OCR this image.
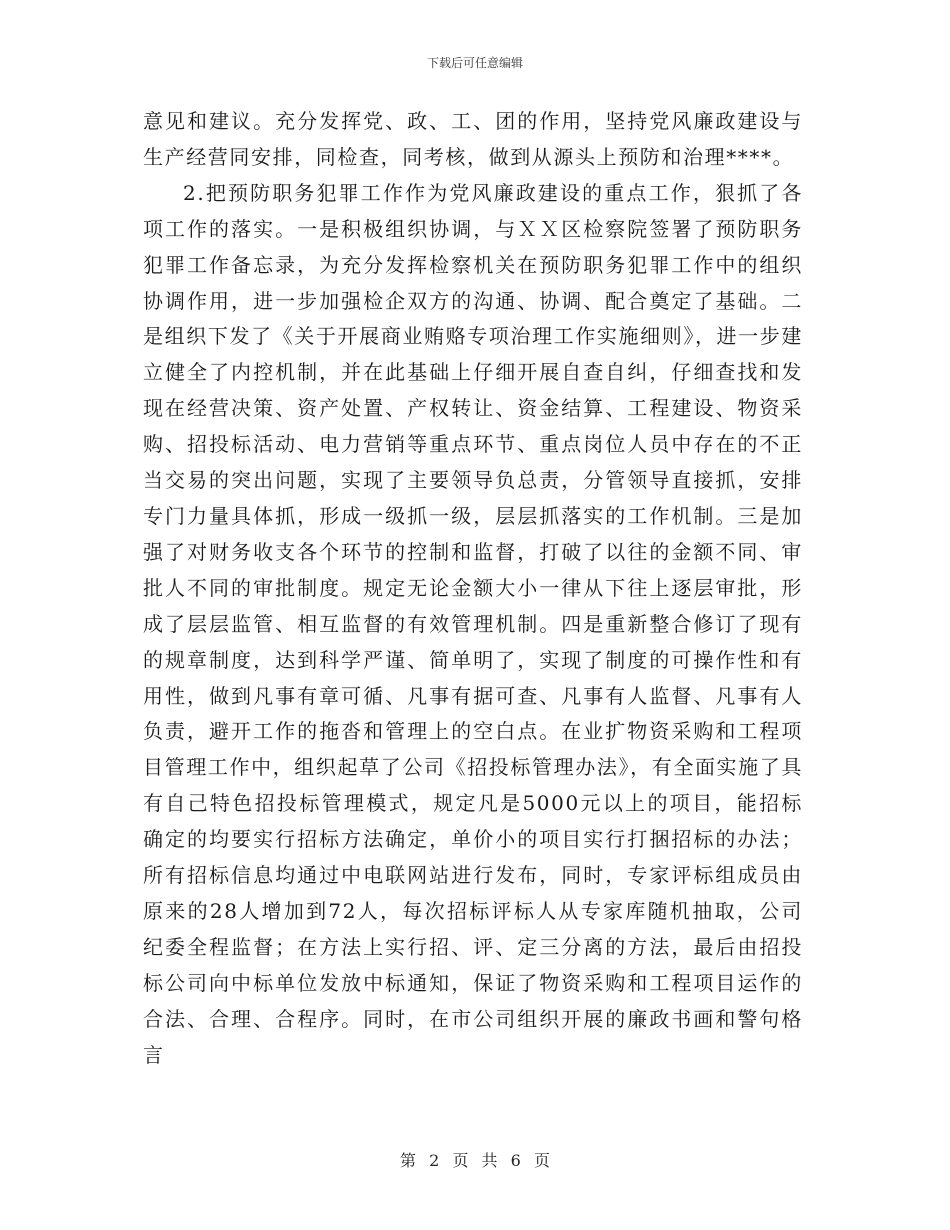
下载后可任意编辑

意见和建议。充分发挥党、政、工、团的作用，坚持党风廉政建设与生产经营同安排，同检查，同考核，做到从源头上预防和治理****。

2.把预防职务犯罪工作作为党风廉政建设的重点工作，狠抓了各项工作的落实。一是积极组织协调，与ＸＸ区检察院签署了预防职务犯罪工作备忘录，为充分发挥检察机关在预防职务犯罪工作中的组织协调作用，进一步加强检企双方的沟通、协调、配合奠定了基础。二是组织下发了《关于开展商业贿赂专项治理工作实施细则》，进一步建立健全了内控机制，并在此基础上仔细开展自查自纠，仔细查找和发现在经营决策、资产处置、产权转让、资金结算、工程建设、物资采购、招投标活动、电力营销等重点环节、重点岗位人员中存在的不正当交易的突出问题，实现了主要领导负总责，分管领导直接抓，安排专门力量具体抓，形成一级抓一级，层层抓落实的工作机制。三是加强了对财务收支各个环节的控制和监督，打破了以往的金额不同、审批人不同的审批制度。规定无论金额大小一律从下往上逐层审批，形成了层层监管、相互监督的有效管理机制。四是重新整合修订了现有的规章制度，达到科学严谨、简单明了，实现了制度的可操作性和有用性，做到凡事有章可循、凡事有据可查、凡事有人监督、凡事有人负责，避开工作的拖沓和管理上的空白点。在业扩物资采购和工程项目管理工作中，组织起草了公司《招投标管理办法》，有全面实施了具有自己特色招投标管理模式，规定凡是5000元以上的项目，能招标确定的均要实行招标方法确定，单价小的项目实行打捆招标的办法；所有招标信息均通过中电联网站进行发布，同时，专家评标组成员由原来的28人增加到72人，每次招标评标人从专家库随机抽取，公司纪委全程监督；在方法上实行招、评、定三分离的方法，最后由招投标公司向中标单位发放中标通知，保证了物资采购和工程项目运作的合法、合理、合程序。同时，在市公司组织开展的廉政书画和警句格言

第 2 页 共 6 页
